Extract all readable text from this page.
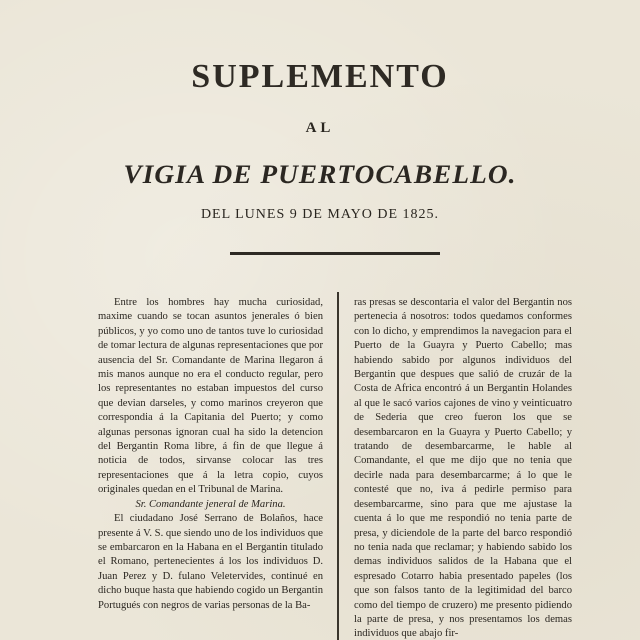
SUPLEMENTO
AL
VIGIA DE PUERTOCABELLO.
DEL LUNES 9 DE MAYO DE 1825.

Entre los hombres hay mucha curiosidad, maxime cuando se tocan asuntos jenerales ó bien públicos, y yo como uno de tantos tuve lo curiosidad de tomar lectura de algunas representaciones que por ausencia del Sr. Comandante de Marina llegaron á mis manos aunque no era el conducto regular, pero los representantes no estaban impuestos del curso que devian darseles, y como marinos creyeron que correspondia á la Capitania del Puerto; y como algunas personas ignoran cual ha sido la detencion del Bergantin Roma libre, á fin de que llegue á noticia de todos, sirvanse colocar las tres representaciones que á la letra copio, cuyos originales quedan en el Tribunal de Marina.

Sr. Comandante jeneral de Marina.

El ciudadano José Serrano de Bolaños, hace presente á V. S. que siendo uno de los individuos que se embarcaron en la Habana en el Bergantin titulado el Romano, pertenecientes á los los individuos D. Juan Perez y D. fulano Veletervides, continué en dicho buque hasta que habiendo cogido un Bergantin Portugués con negros de varias personas de la Ba-

ras presas se descontaria el valor del Bergantin nos pertenecia á nosotros: todos quedamos conformes con lo dicho, y emprendimos la navegacion para el Puerto de la Guayra y Puerto Cabello; mas habiendo sabido por algunos individuos del Bergantin que despues que salió de cruzár de la Costa de Africa encontró á un Bergantin Holandes al que le sacó varios cajones de vino y veinticuatro de Sederia que creo fueron los que se desembarcaron en la Guayra y Puerto Cabello; y tratando de desembarcarme, le hable al Comandante, el que me dijo que no tenia que decirle nada para desembarcarme; á lo que le contesté que no, iva á pedirle permiso para desembarcarme, sino para que me ajustase la cuenta á lo que me respondió no tenia parte de presa, y diciendole de la parte del barco respondió no tenia nada que reclamar; y habiendo sabido los demas individuos salidos de la Habana que el espresado Cotarro habia presentado papeles (los que son falsos tanto de la legitimidad del barco como del tiempo de cruzero) me presento pidiendo la parte de presa, y nos presentamos los demas individuos que abajo fir-
